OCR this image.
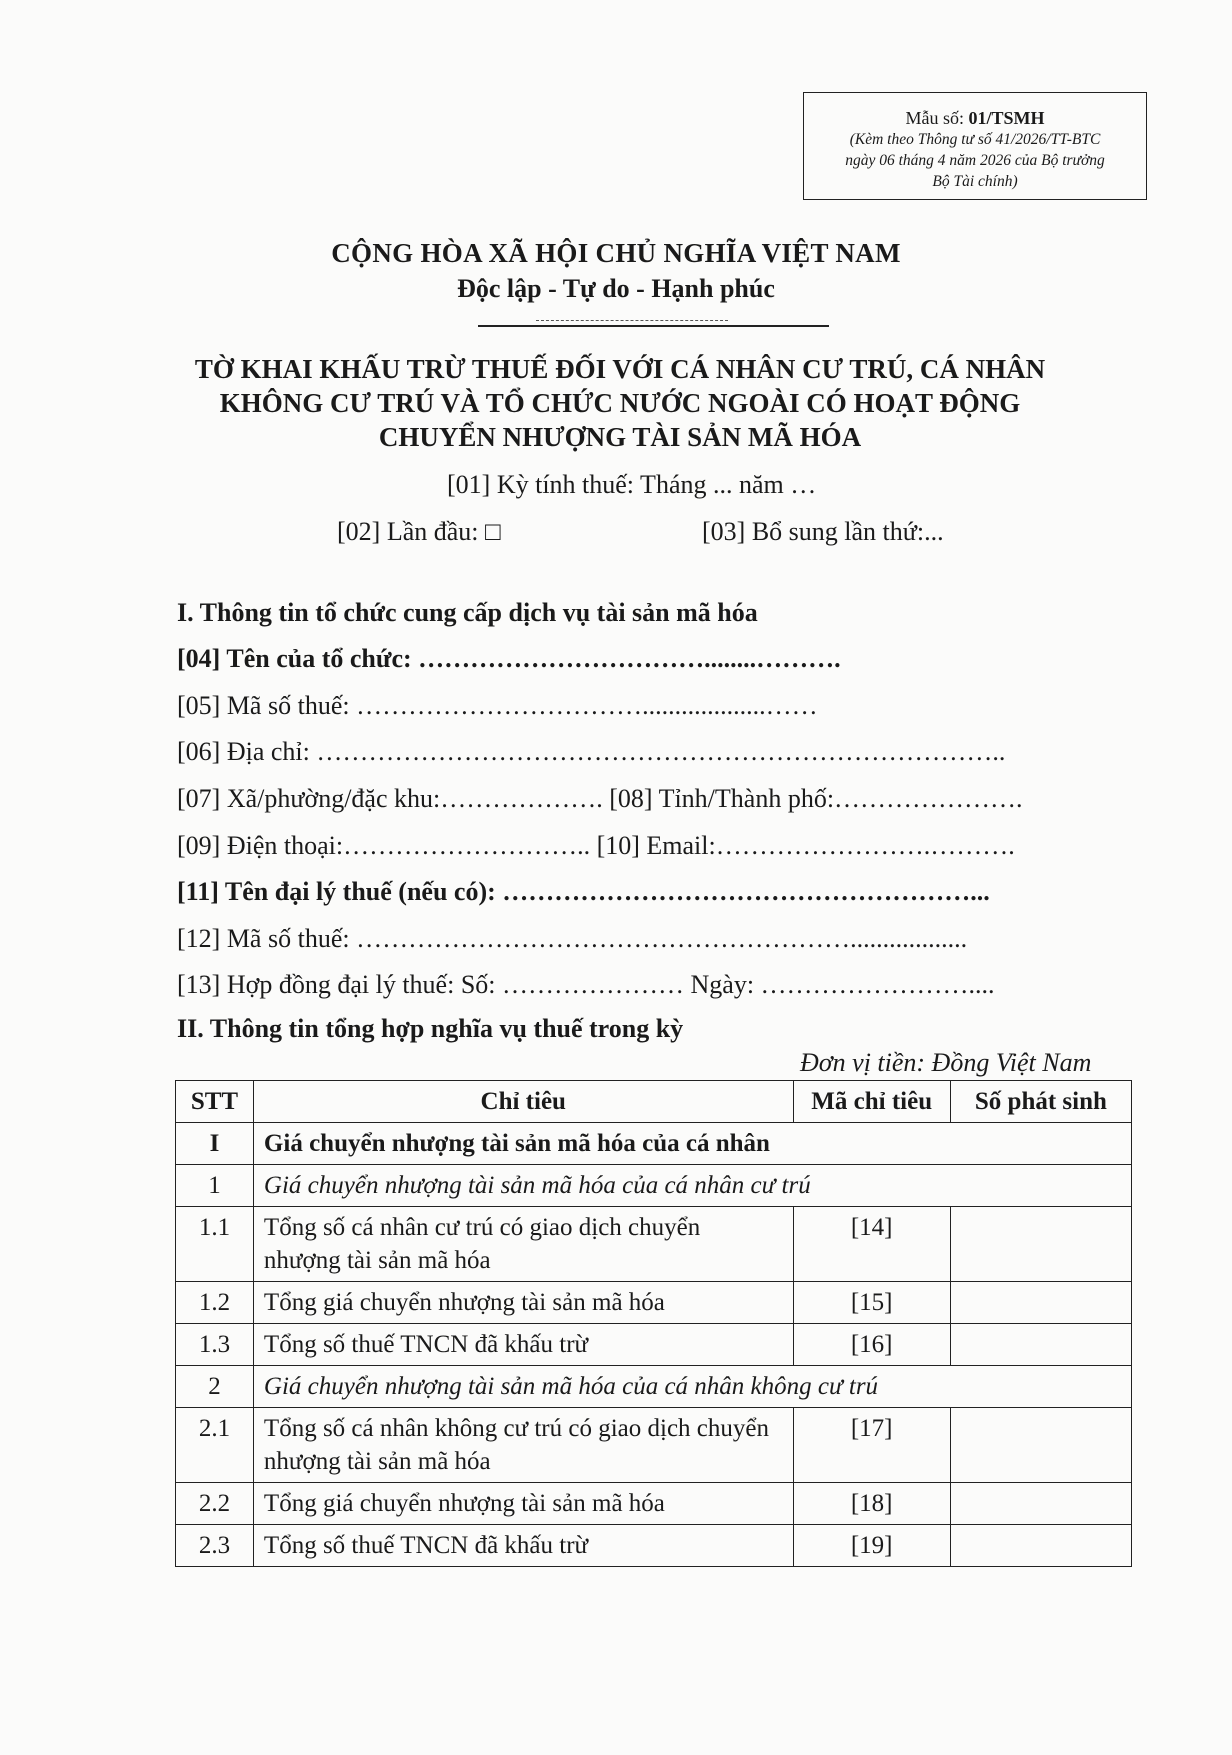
Mẫu số: 01/TSMH
(Kèm theo Thông tư số 41/2026/TT-BTC
ngày 06 tháng 4 năm 2026 của Bộ trưởng
Bộ Tài chính)
CỘNG HÒA XÃ HỘI CHỦ NGHĨA VIỆT NAM
Độc lập - Tự do - Hạnh phúc
TỜ KHAI KHẤU TRỪ THUẾ ĐỐI VỚI CÁ NHÂN CƯ TRÚ, CÁ NHÂN
KHÔNG CƯ TRÚ VÀ TỔ CHỨC NƯỚC NGOÀI CÓ HOẠT ĐỘNG
CHUYỂN NHƯỢNG TÀI SẢN MÃ HÓA
[01] Kỳ tính thuế: Tháng ... năm …
[02] Lần đầu: □	[03] Bổ sung lần thứ:...
I. Thông tin tổ chức cung cấp dịch vụ tài sản mã hóa
[04] Tên của tổ chức: ……………………………........……….
[05] Mã số thuế: ……………………………...................……
[06] Địa chỉ: ……………………………………………………………………..
[07] Xã/phường/đặc khu:………………. [08] Tỉnh/Thành phố:………………….
[09] Điện thoại:……………………….. [10] Email:…………………….……….
[11] Tên đại lý thuế (nếu có): ………………………………………………...
[12] Mã số thuế: …………………………………………………..................
[13] Hợp đồng đại lý thuế: Số: ………………… Ngày: ……………………....
II. Thông tin tổng hợp nghĩa vụ thuế trong kỳ
Đơn vị tiền: Đồng Việt Nam
STT	Chỉ tiêu	Mã chỉ tiêu	Số phát sinh
I	Giá chuyển nhượng tài sản mã hóa của cá nhân		
1	Giá chuyển nhượng tài sản mã hóa của cá nhân cư trú		
1.1	Tổng số cá nhân cư trú có giao dịch chuyển nhượng tài sản mã hóa	[14]	
1.2	Tổng giá chuyển nhượng tài sản mã hóa	[15]	
1.3	Tổng số thuế TNCN đã khấu trừ	[16]	
2	Giá chuyển nhượng tài sản mã hóa của cá nhân không cư trú		
2.1	Tổng số cá nhân không cư trú có giao dịch chuyển nhượng tài sản mã hóa	[17]	
2.2	Tổng giá chuyển nhượng tài sản mã hóa	[18]	
2.3	Tổng số thuế TNCN đã khấu trừ	[19]	
